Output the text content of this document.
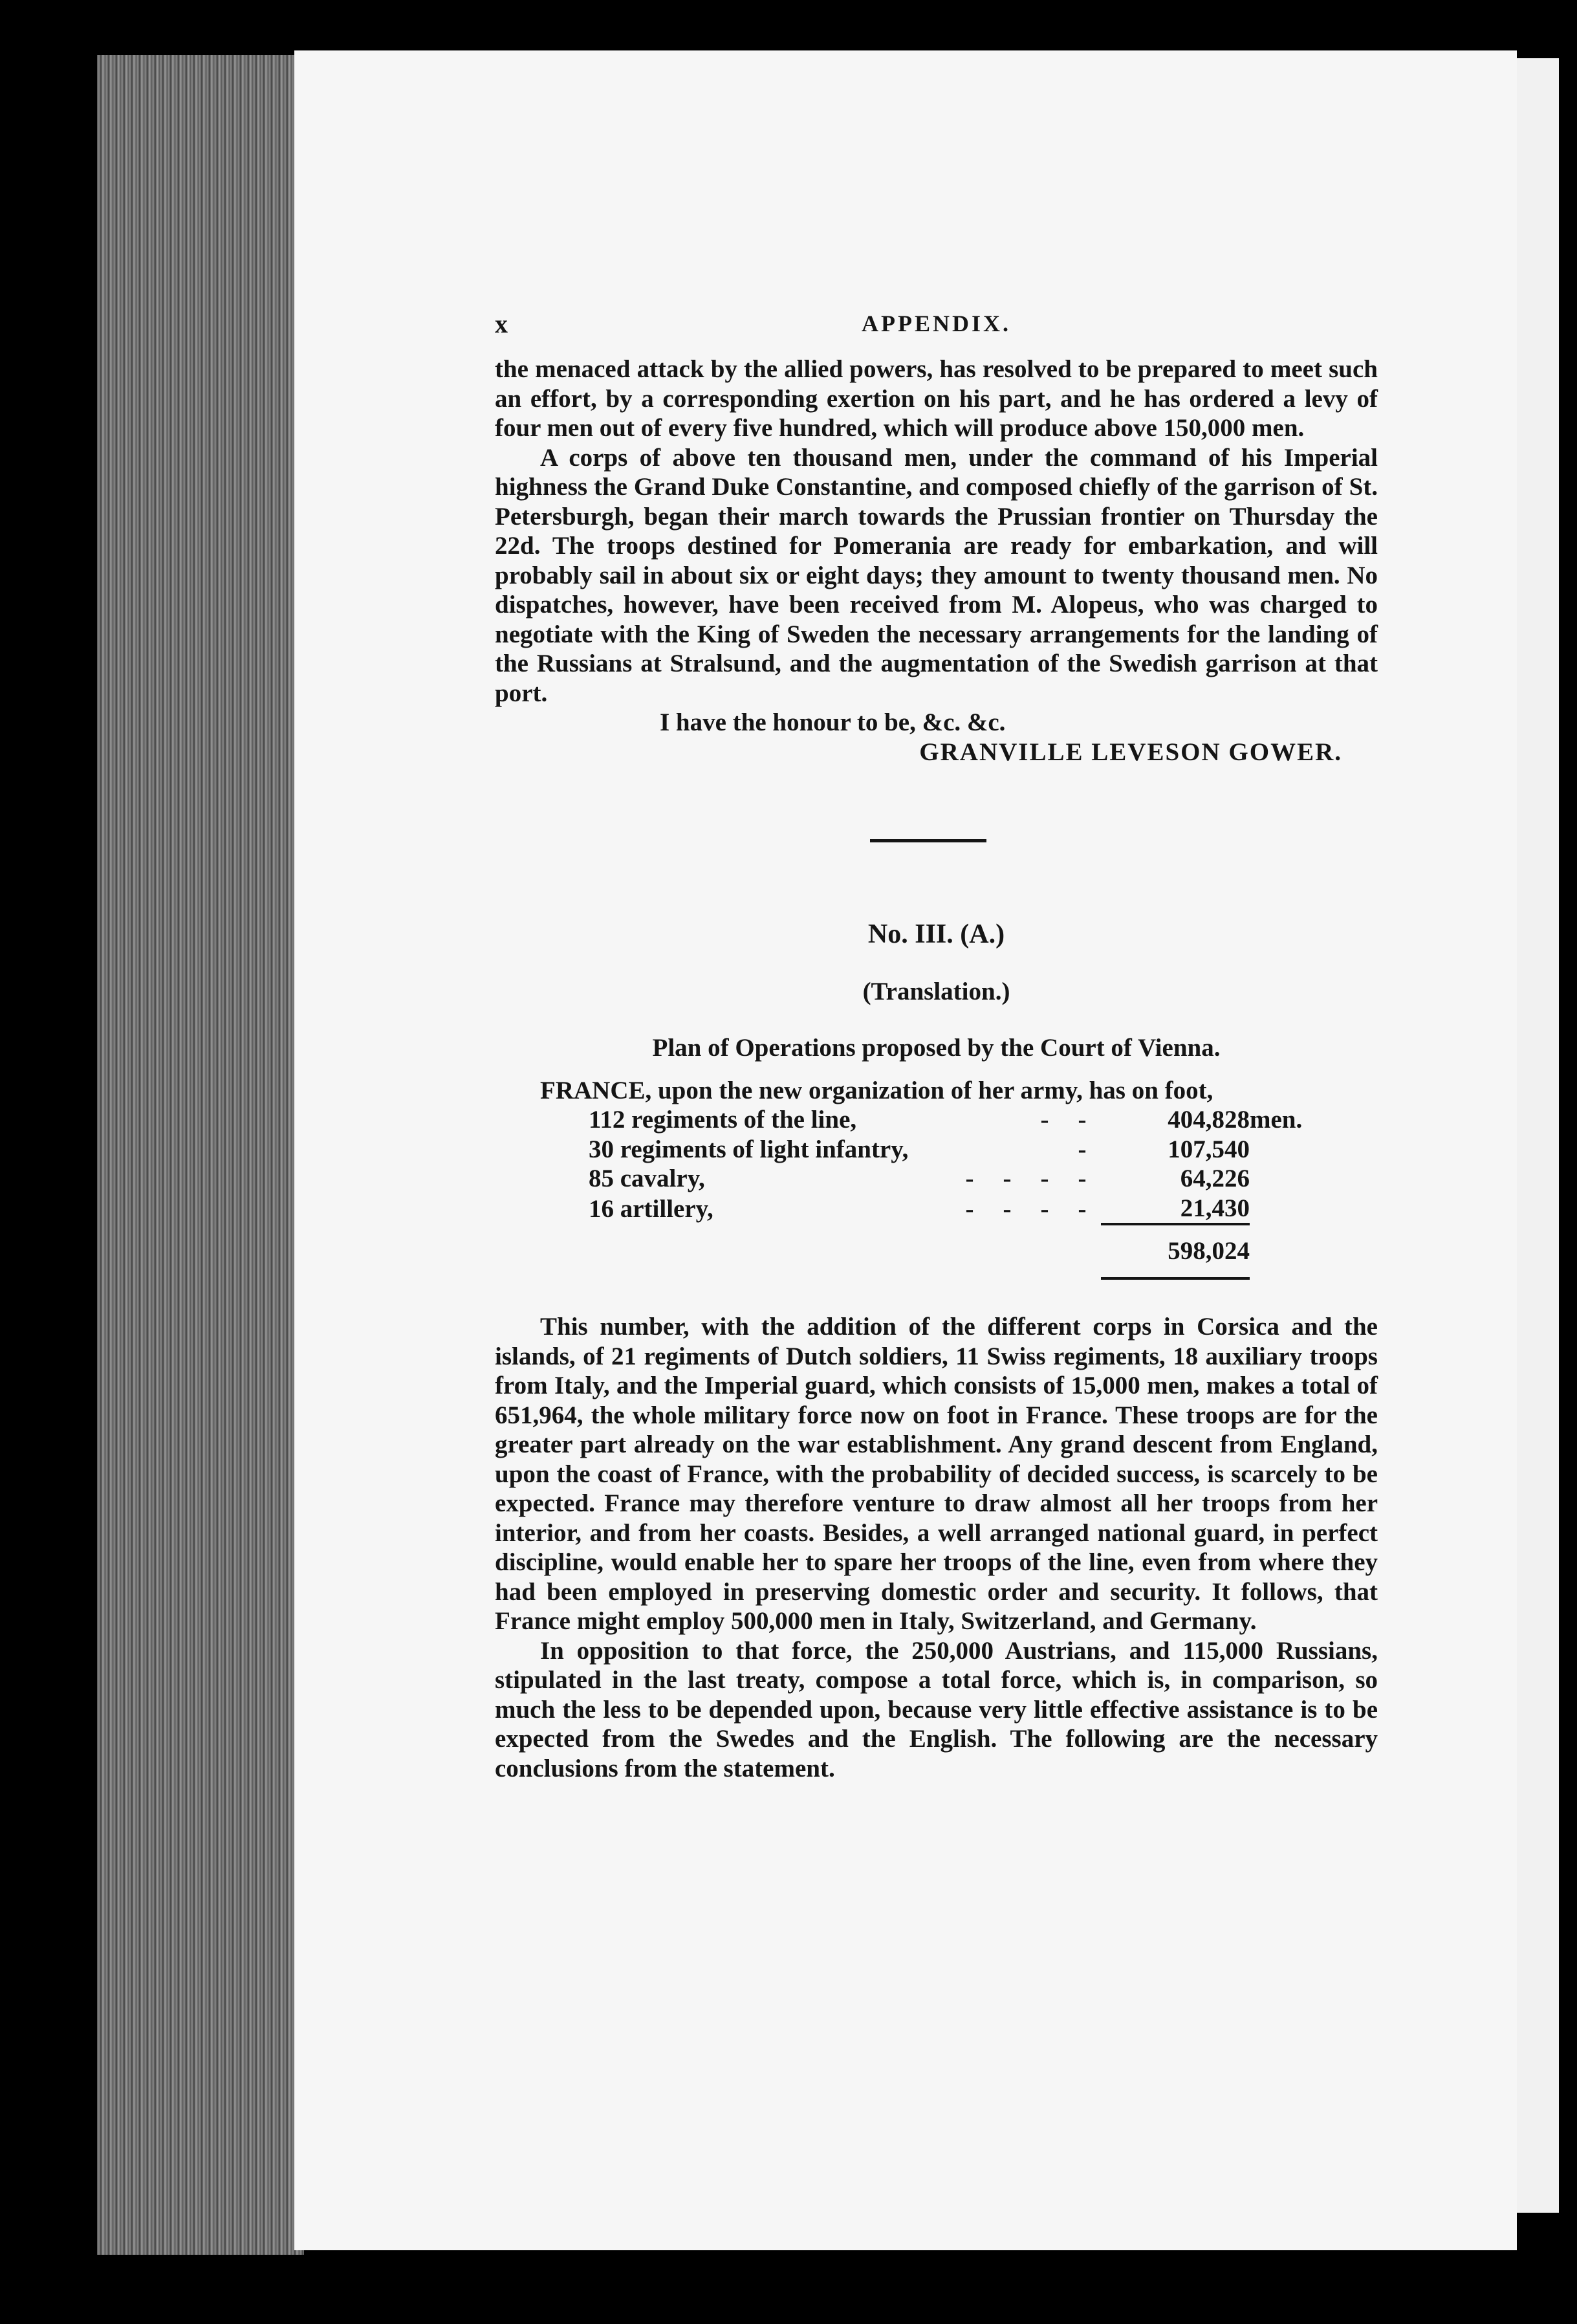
x	APPENDIX.

the menaced attack by the allied powers, has resolved to be prepared to meet such an effort, by a corresponding exertion on his part, and he has ordered a levy of four men out of every five hundred, which will produce above 150,000 men.

A corps of above ten thousand men, under the command of his Imperial highness the Grand Duke Constantine, and composed chiefly of the garrison of St. Petersburgh, began their march towards the Prussian frontier on Thursday the 22d. The troops destined for Pomerania are ready for embarkation, and will probably sail in about six or eight days; they amount to twenty thousand men. No dispatches, however, have been received from M. Alopeus, who was charged to negotiate with the King of Sweden the necessary arrangements for the landing of the Russians at Stralsund, and the augmentation of the Swedish garrison at that port.

I have the honour to be, &c. &c.

GRANVILLE LEVESON GOWER.

No. III. (A.)
(Translation.)
Plan of Operations proposed by the Court of Vienna.
FRANCE, upon the new organization of her army, has on foot,
112 regiments of the line,			-	-	404,828	men.
30 regiments of light infantry,				-	107,540	
85 cavalry,	-	-	-	-	64,226	
16 artillery,	-	-	-	-	21,430	
					598,024	

This number, with the addition of the different corps in Corsica and the islands, of 21 regiments of Dutch soldiers, 11 Swiss regiments, 18 auxiliary troops from Italy, and the Imperial guard, which consists of 15,000 men, makes a total of 651,964, the whole military force now on foot in France. These troops are for the greater part already on the war establishment. Any grand descent from England, upon the coast of France, with the probability of decided success, is scarcely to be expected. France may therefore venture to draw almost all her troops from her interior, and from her coasts. Besides, a well arranged national guard, in perfect discipline, would enable her to spare her troops of the line, even from where they had been employed in preserving domestic order and security. It follows, that France might employ 500,000 men in Italy, Switzerland, and Germany.

In opposition to that force, the 250,000 Austrians, and 115,000 Russians, stipulated in the last treaty, compose a total force, which is, in comparison, so much the less to be depended upon, because very little effective assistance is to be expected from the Swedes and the English. The following are the necessary conclusions from the statement.
